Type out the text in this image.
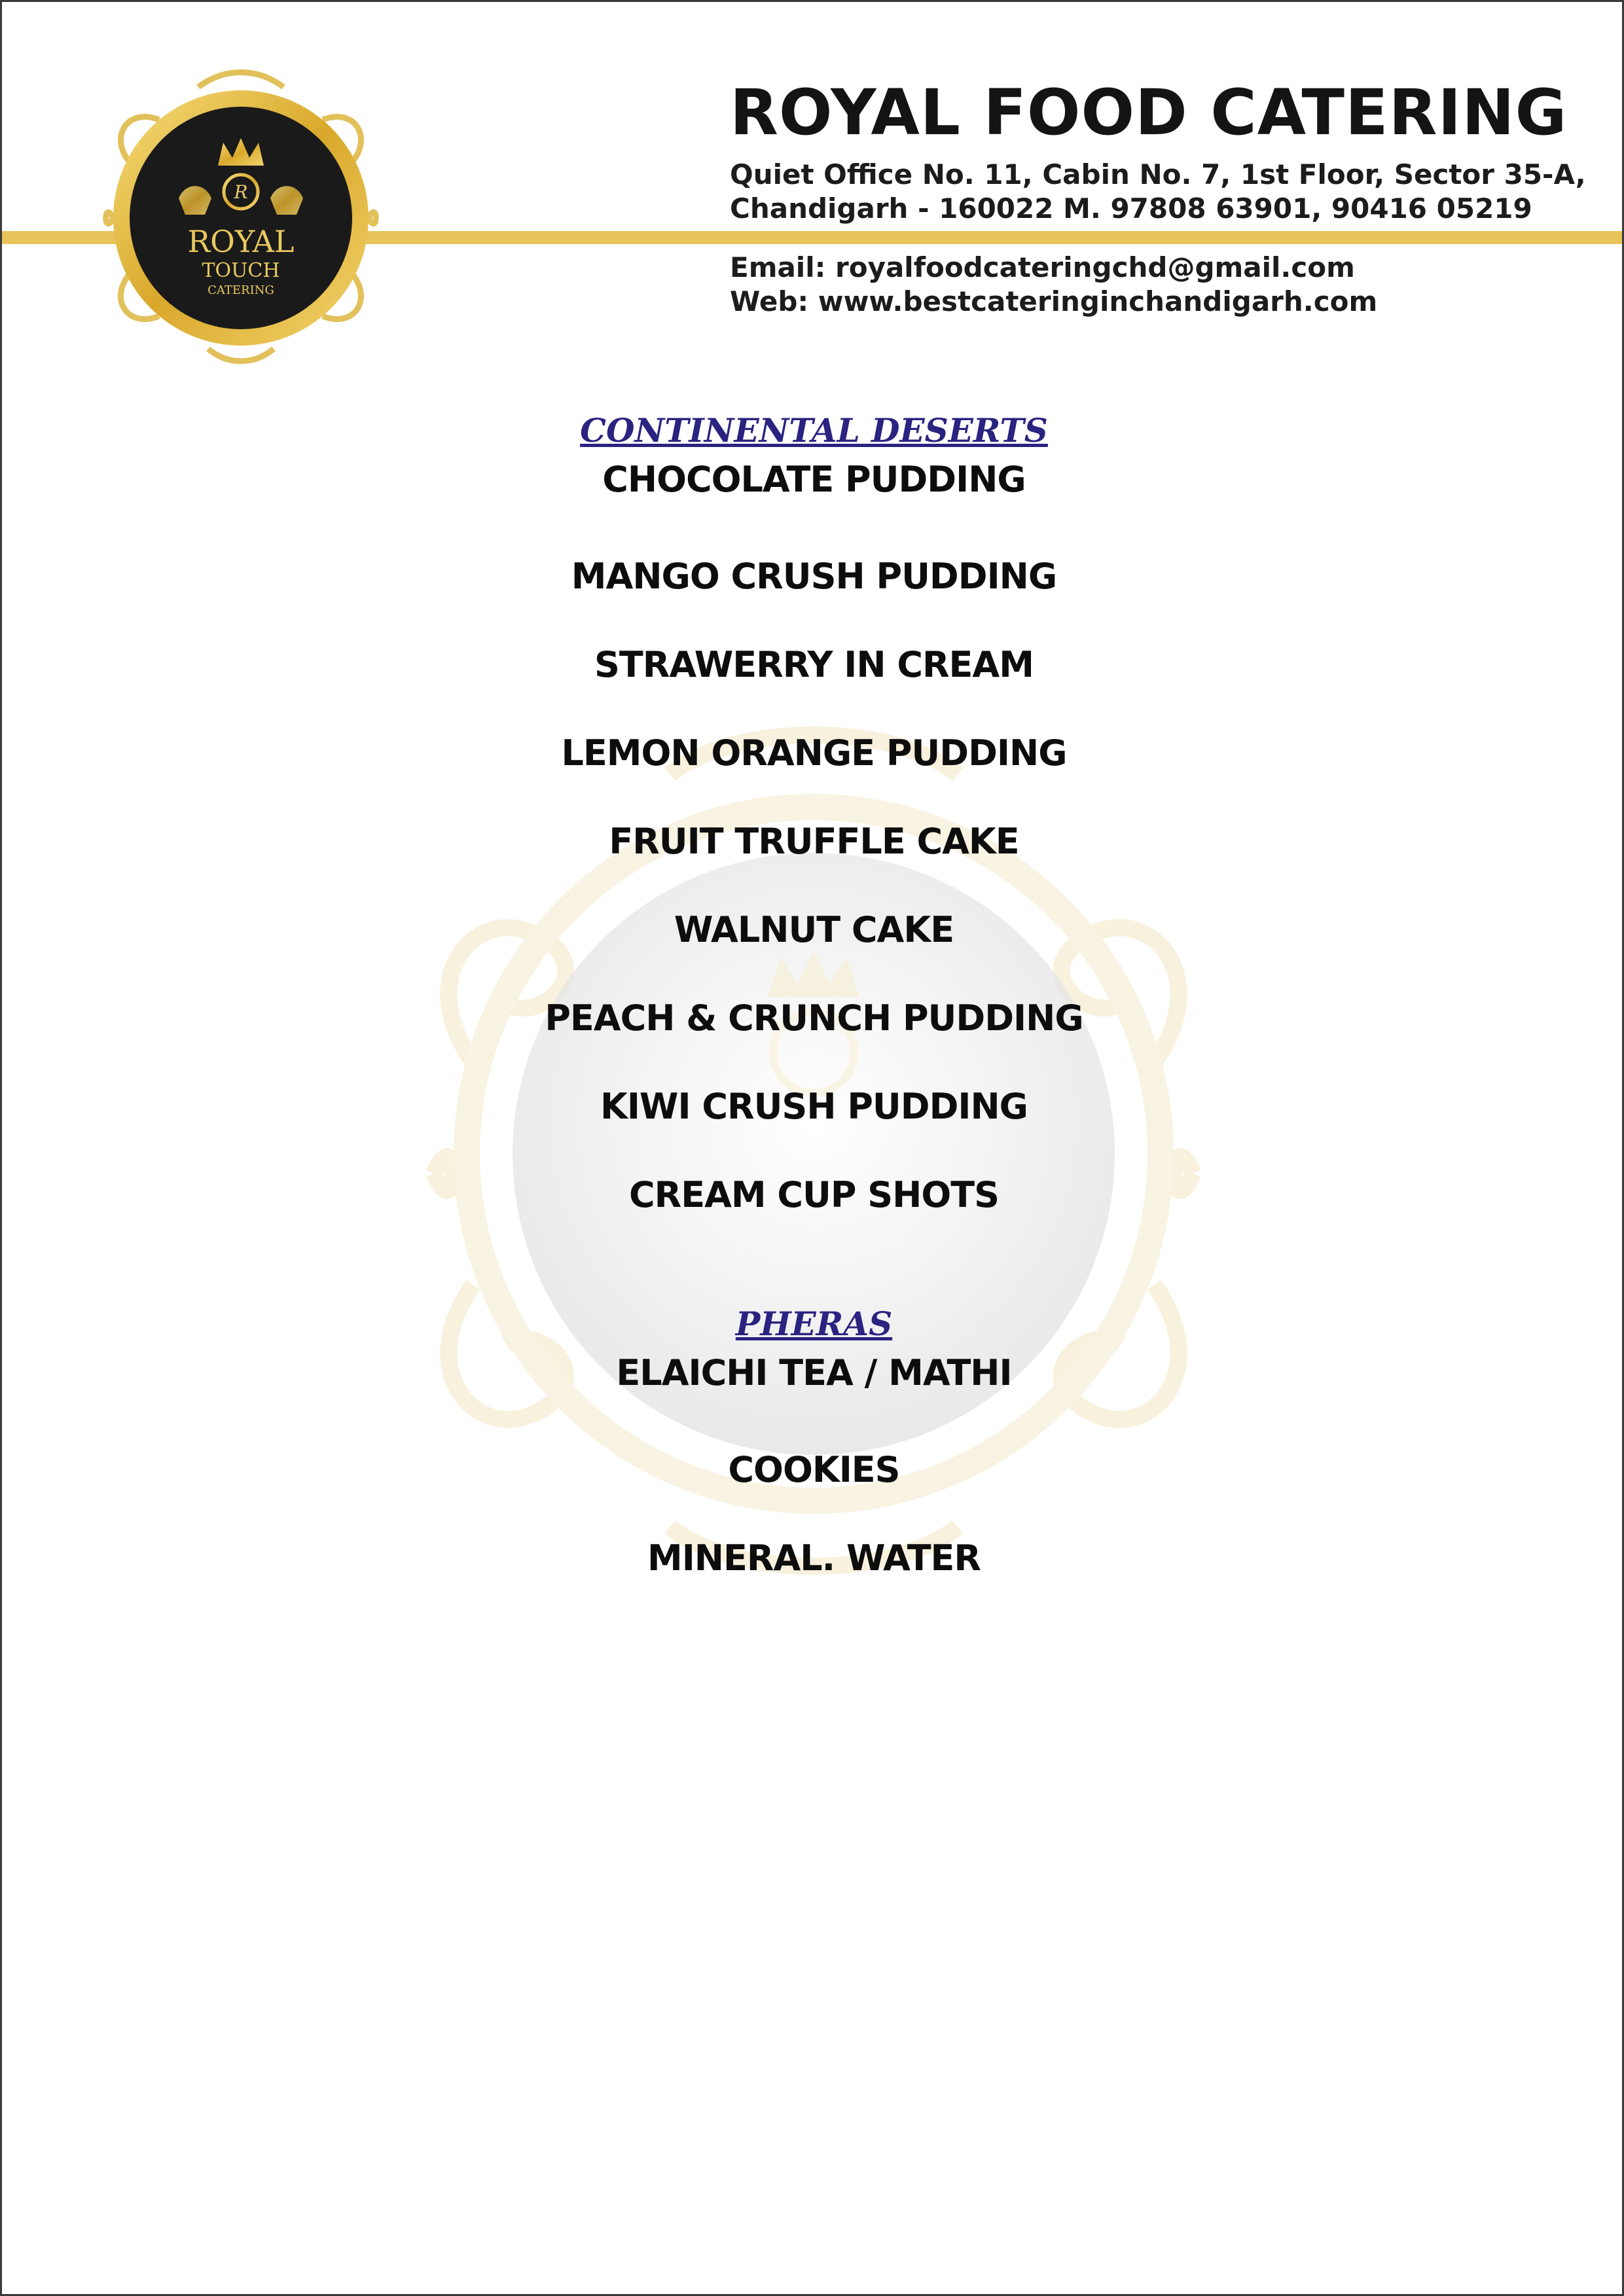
R
ROYAL
TOUCH
CATERING
ROYAL FOOD CATERING
Quiet Office No. 11, Cabin No. 7, 1st Floor, Sector 35-A,
Chandigarh - 160022 M. 97808 63901, 90416 05219
Email: royalfoodcateringchd@gmail.com
Web: www.bestcateringinchandigarh.com
CONTINENTAL DESERTS
CHOCOLATE PUDDING
MANGO CRUSH PUDDING
STRAWERRY IN CREAM
LEMON ORANGE PUDDING
FRUIT TRUFFLE CAKE
WALNUT CAKE
PEACH & CRUNCH PUDDING
KIWI CRUSH PUDDING
CREAM CUP SHOTS
PHERAS
ELAICHI TEA / MATHI
COOKIES
MINERAL. WATER
